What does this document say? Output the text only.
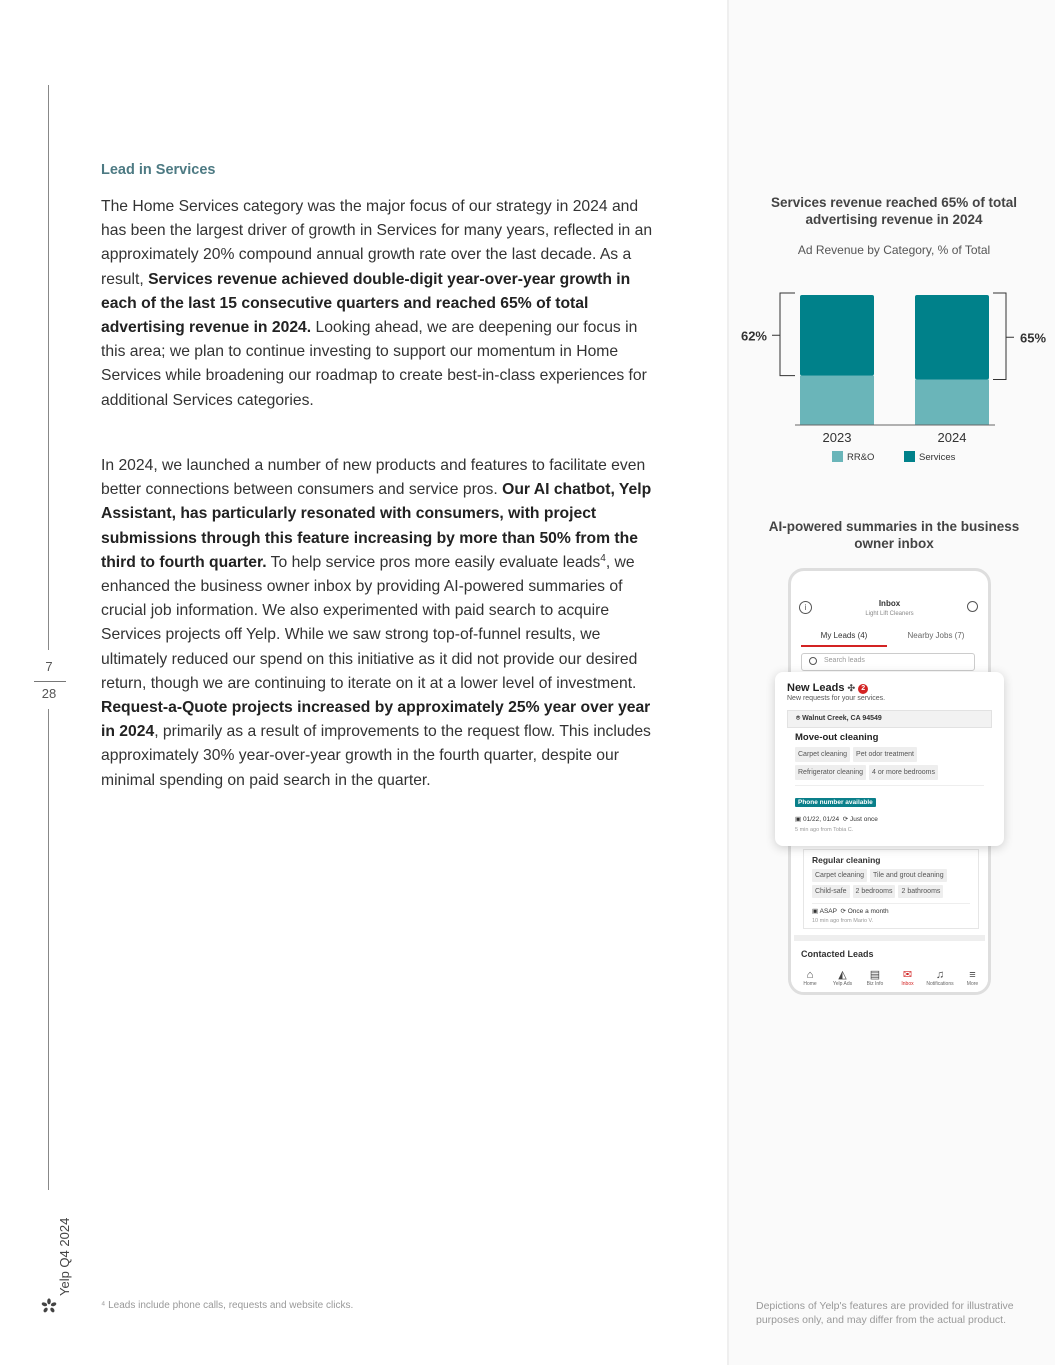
7
28
Yelp Q4 2024
Lead in Services

The Home Services category was the major focus of our strategy in 2024 and has been the largest driver of growth in Services for many years, reflected in an approximately 20% compound annual growth rate over the last decade. As a result, Services revenue achieved double-digit year-over-year growth in each of the last 15 consecutive quarters and reached 65% of total advertising revenue in 2024. Looking ahead, we are deepening our focus in this area; we plan to continue investing to support our momentum in Home Services while broadening our roadmap to create best-in-class experiences for additional Services categories.

In 2024, we launched a number of new products and features to facilitate even better connections between consumers and service pros. Our AI chatbot, Yelp Assistant, has particularly resonated with consumers, with project submissions through this feature increasing by more than 50% from the third to fourth quarter. To help service pros more easily evaluate leads$^4$, we enhanced the business owner inbox by providing AI-powered summaries of crucial job information. We also experimented with paid search to acquire Services projects off Yelp. While we saw strong top-of-funnel results, we ultimately reduced our spend on this initiative as it did not provide our desired return, though we are continuing to iterate on it at a lower level of investment. Request-a-Quote projects increased by approximately 25% year over year in 2024, primarily as a result of improvements to the request flow. This includes approximately 30% year-over-year growth in the fourth quarter, despite our minimal spending on paid search in the quarter.

⁴ Leads include phone calls, requests and website clicks.
Services revenue reached 65% of total advertising revenue in 2024
Ad Revenue by Category, % of Total
2023	2024
62%	65%
RR&O	Services
AI-powered summaries in the business owner inbox
i	Inbox
Light Lift Cleaners
My Leads (4)	Nearby Jobs (7)
Search leads
Regular cleaning
Carpet cleaning Tile and grout cleaningChild-safe 2 bedrooms 2 bathrooms
▣ ASAP ⟳ Once a month
10 min ago from Mario V.
Contacted Leads
⌂
Home
◭
Yelp Ads
▤
Biz Info
✉
Inbox
♫
Notifications
≡
More
New Leads ✣ 2
New requests for your services.
⌾ Walnut Creek, CA 94549
Move-out cleaning
Carpet cleaning Pet odor treatmentRefrigerator cleaning 4 or more bedrooms
Phone number available
▣ 01/22, 01/24 ⟳ Just once
5 min ago from Tobia C.
Depictions of Yelp's features are provided for illustrative purposes only, and may differ from the actual product.
